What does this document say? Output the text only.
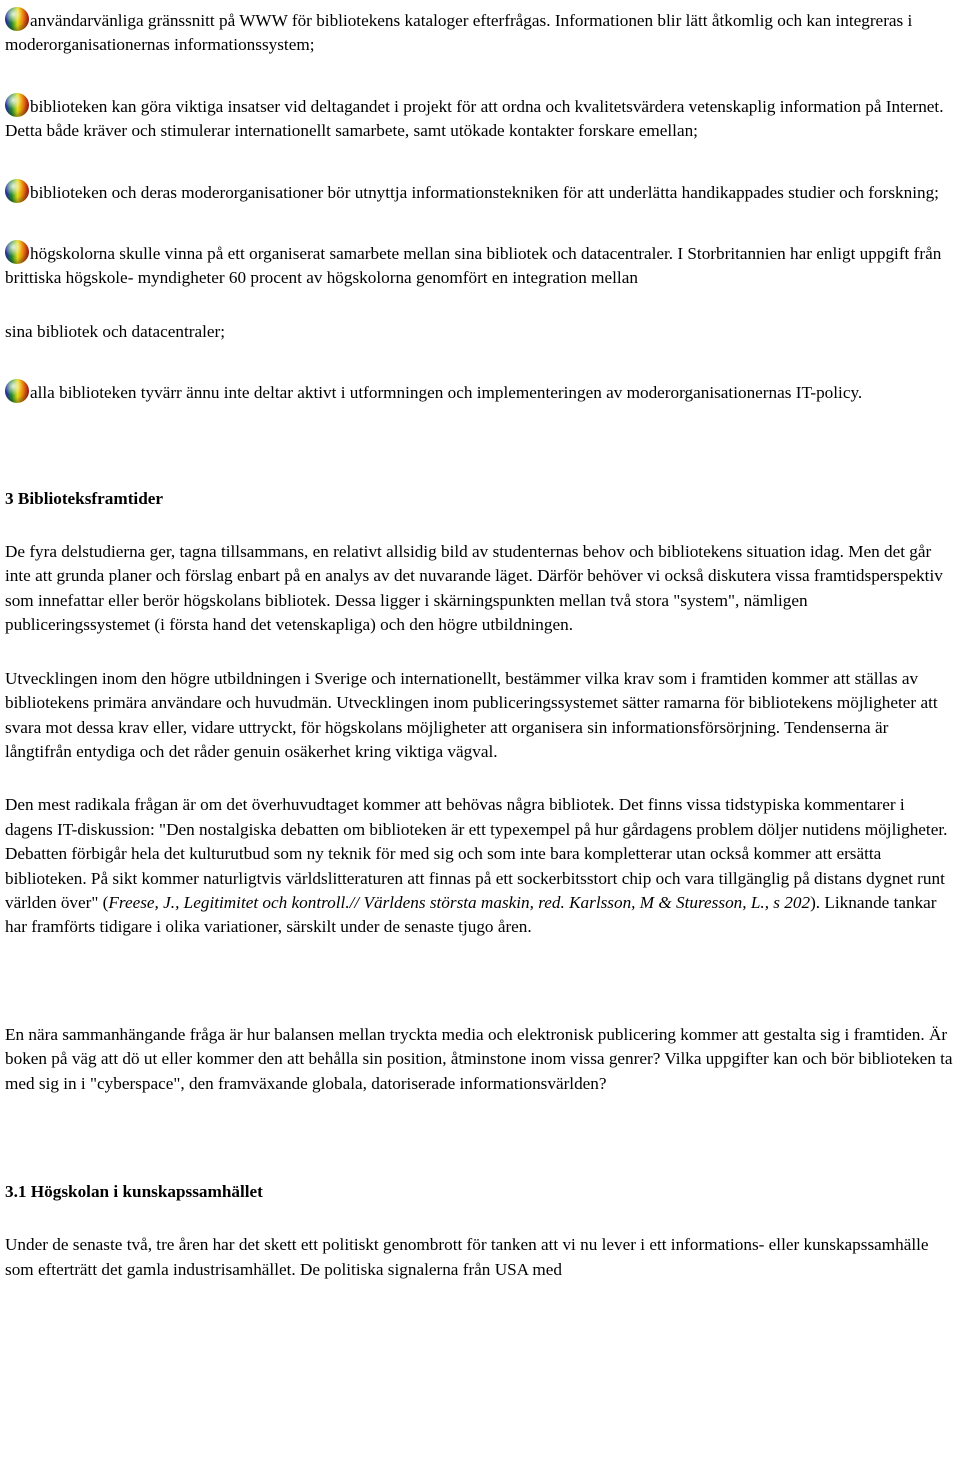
användarvänliga gränssnitt på WWW för bibliotekens kataloger efterfrågas. Informationen blir lätt åtkomlig och kan integreras i moderorganisationernas informationssystem;

biblioteken kan göra viktiga insatser vid deltagandet i projekt för att ordna och kvalitetsvärdera vetenskaplig information på Internet. Detta både kräver och stimulerar internationellt samarbete, samt utökade kontakter forskare emellan;

biblioteken och deras moderorganisationer bör utnyttja informationstekniken för att underlätta handikappades studier och forskning;

högskolorna skulle vinna på ett organiserat samarbete mellan sina bibliotek och datacentraler. I Storbritannien har enligt uppgift från brittiska högskole- myndigheter 60 procent av högskolorna genomfört en integration mellan

sina bibliotek och datacentraler;

alla biblioteken tyvärr ännu inte deltar aktivt i utformningen och implementeringen av moderorganisationernas IT-policy.

3 Biblioteksframtider

De fyra delstudierna ger, tagna tillsammans, en relativt allsidig bild av studenternas behov och bibliotekens situation idag. Men det går inte att grunda planer och förslag enbart på en analys av det nuvarande läget. Därför behöver vi också diskutera vissa framtidsperspektiv som innefattar eller berör högskolans bibliotek. Dessa ligger i skärningspunkten mellan två stora "system", nämligen publiceringssystemet (i första hand det vetenskapliga) och den högre utbildningen.

Utvecklingen inom den högre utbildningen i Sverige och internationellt, bestämmer vilka krav som i framtiden kommer att ställas av bibliotekens primära användare och huvudmän. Utvecklingen inom publiceringssystemet sätter ramarna för bibliotekens möjligheter att svara mot dessa krav eller, vidare uttryckt, för högskolans möjligheter att organisera sin informationsförsörjning. Tendenserna är långtifrån entydiga och det råder genuin osäkerhet kring viktiga vägval.

Den mest radikala frågan är om det överhuvudtaget kommer att behövas några bibliotek. Det finns vissa tidstypiska kommentarer i dagens IT-diskussion: "Den nostalgiska debatten om biblioteken är ett typexempel på hur gårdagens problem döljer nutidens möjligheter. Debatten förbigår hela det kulturutbud som ny teknik för med sig och som inte bara kompletterar utan också kommer att ersätta biblioteken. På sikt kommer naturligtvis världslitteraturen att finnas på ett sockerbitsstort chip och vara tillgänglig på distans dygnet runt världen över" (Freese, J., Legitimitet och kontroll.// Världens största maskin, red. Karlsson, M & Sturesson, L., s 202). Liknande tankar har framförts tidigare i olika variationer, särskilt under de senaste tjugo åren.

En nära sammanhängande fråga är hur balansen mellan tryckta media och elektronisk publicering kommer att gestalta sig i framtiden. Är boken på väg att dö ut eller kommer den att behålla sin position, åtminstone inom vissa genrer? Vilka uppgifter kan och bör biblioteken ta med sig in i "cyberspace", den framväxande globala, datoriserade informationsvärlden?

3.1 Högskolan i kunskapssamhället

Under de senaste två, tre åren har det skett ett politiskt genombrott för tanken att vi nu lever i ett informations- eller kunskapssamhälle som efterträtt det gamla industrisamhället. De politiska signalerna från USA med
